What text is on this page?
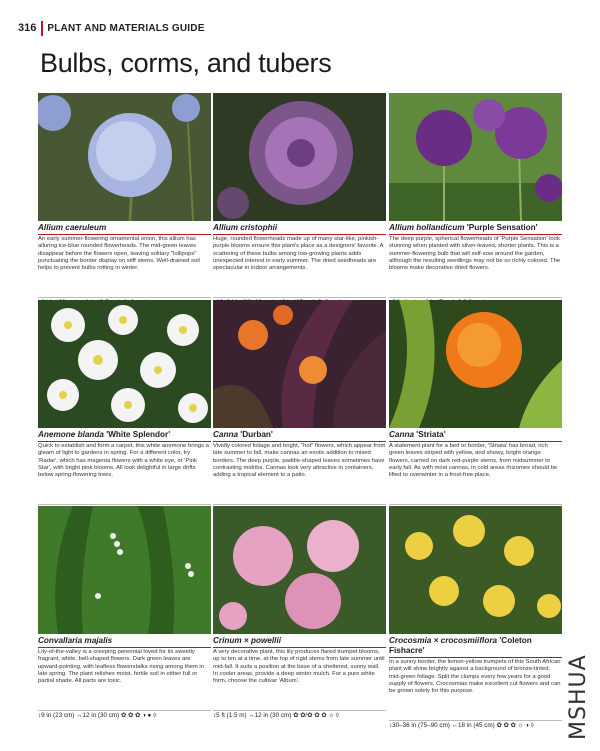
316 PLANT AND MATERIALS GUIDE
Bulbs, corms, and tubers
Allium caeruleum
An early summer-flowering ornamental onion, this allium has alluring ice-blue rounded flowerheads. The mid-green leaves disappear before the flowers open, leaving solitary "lollipops" punctuating the border display on stiff stems. Well-drained soil helps to prevent bulbs rotting in winter.
Allium cristophii
Huge, rounded flowerheads made up of many star-like, pinkish-purple blooms ensure this plant's place as a designers' favorite. A scattering of these bulbs among low-growing plants adds unexpected interest in early summer. The dried seedheads are spectacular in indoor arrangements.
Allium hollandicum 'Purple Sensation'
The deep purple, spherical flowerheads of 'Purple Sensation' look stunning when planted with silver-leaved, shorter plants. This is a summer-flowering bulb that will self-sow around the garden, although the resulting seedlings may not be so richly colored. The blooms make decorative dried flowers.
Anemone blanda 'White Splendor'
Quick to establish and form a carpet, this white anemone brings a gleam of light to gardens in spring. For a different color, try 'Radar', which has magenta flowers with a white eye, or 'Pink Star', with bright pink blooms. All look delightful in large drifts below spring-flowering trees.
Canna 'Durban'
Vividly colored foliage and bright, "hot" flowers, which appear from late summer to fall, make cannas an exotic addition to mixed borders. The deep purple, paddle-shaped leaves sometimes have contrasting midribs. Cannas look very attractive in containers, adding a tropical element to a patio.
Canna 'Striata'
A statement plant for a bed or border, 'Striata' has broad, rich green leaves striped with yellow, and showy, bright orange flowers, carried on dark red-purple stems, from midsummer to early fall. As with most cannas, in cold areas rhizomes should be lifted to overwinter in a frost-free place.
Convallaria majalis
Lily-of-the-valley is a creeping perennial loved for its sweetly fragrant, white, bell-shaped flowers. Dark green leaves are upward-pointing, with leafless flowerstalks rising among them in late spring. The plant relishes moist, fertile soil in either full or partial shade. All parts are toxic.
↕9 in (23 cm) ↔12 in (30 cm) ✿ ✿ ✿ ◑ ● ◊
Crinum × powellii
A very decorative plant, this lily produces flared trumpet blooms, up to ten at a time, at the top of rigid stems from late summer until mid-fall. It suits a position at the base of a sheltered, sunny wall. In cooler areas, provide a deep winter mulch. For a pure white form, choose the cultivar 'Album'.
↕5 ft (1.5 m) ↔12 in (30 cm) ✿ ✿/✿ ✿ ✿ ☼ ◊
Crocosmia × crocosmiiflora 'Coleton Fishacre'
In a sunny border, the lemon-yellow trumpets of this South African plant will shine brightly against a background of bronze-tinted, mid-green foliage. Split the clumps every few years for a good supply of flowers. Crocosmias make excellent cut flowers and can be grown solely for this purpose.
↕30–36 in (75–90 cm) ↔18 in (45 cm) ✿ ✿ ✿ ☼ ◑ ◊	MSHUA
